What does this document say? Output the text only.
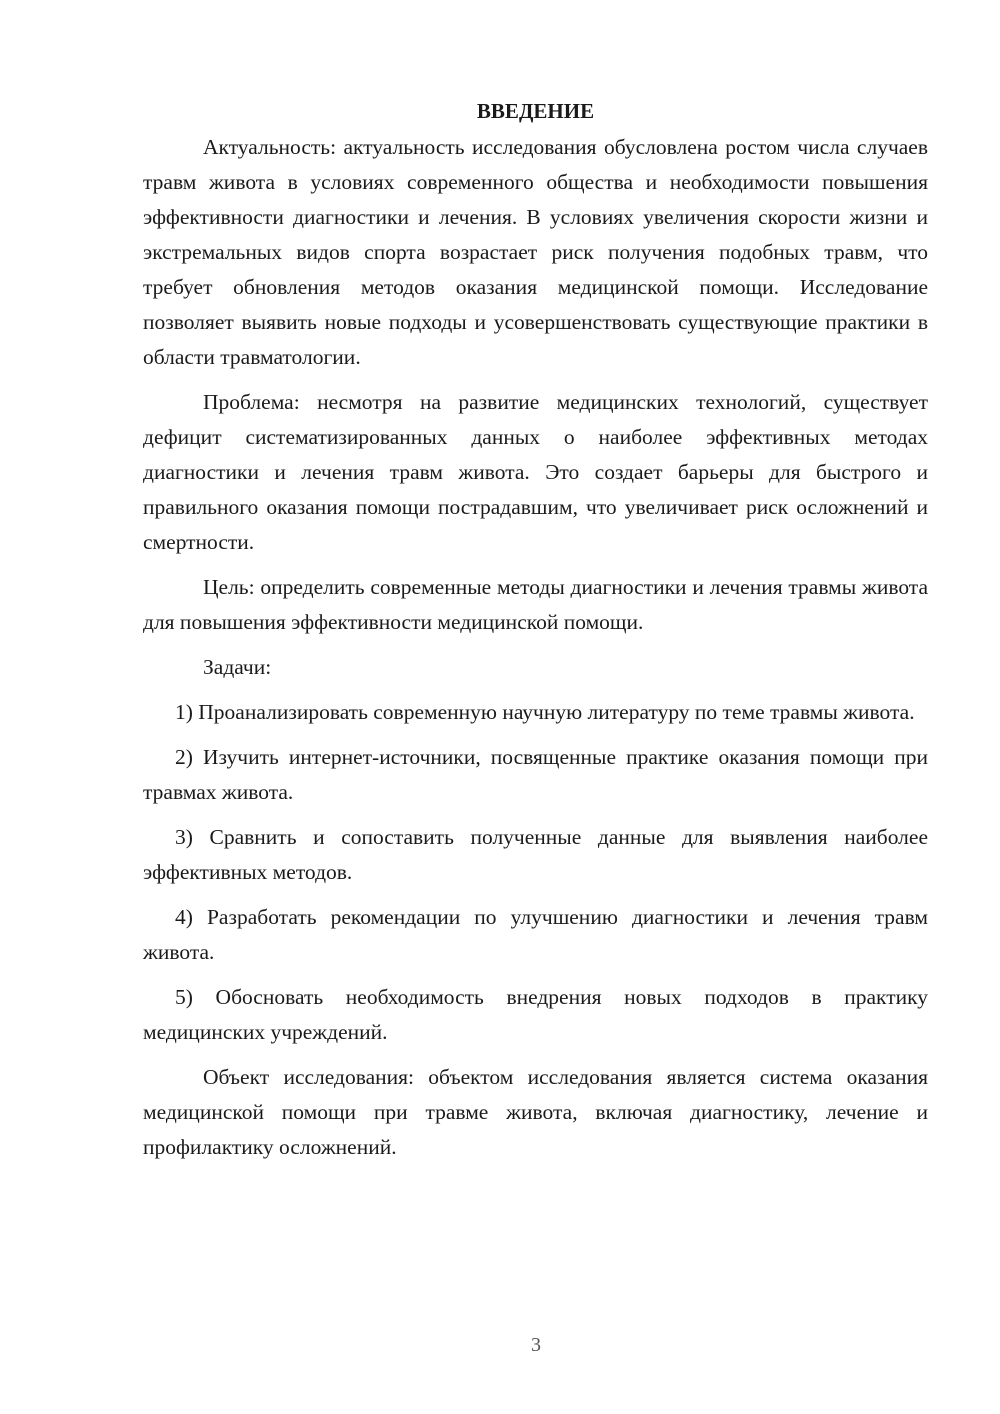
ВВЕДЕНИЕ

Актуальность: актуальность исследования обусловлена ростом числа случаев травм живота в условиях современного общества и необходимости повышения эффективности диагностики и лечения. В условиях увеличения скорости жизни и экстремальных видов спорта возрастает риск получения подобных травм, что требует обновления методов оказания медицинской помощи. Исследование позволяет выявить новые подходы и усовершенствовать существующие практики в области травматологии.

Проблема: несмотря на развитие медицинских технологий, существует дефицит систематизированных данных о наиболее эффективных методах диагностики и лечения травм живота. Это создает барьеры для быстрого и правильного оказания помощи пострадавшим, что увеличивает риск осложнений и смертности.

Цель: определить современные методы диагностики и лечения травмы живота для повышения эффективности медицинской помощи.

Задачи:

1) Проанализировать современную научную литературу по теме травмы живота.

2) Изучить интернет-источники, посвященные практике оказания помощи при травмах живота.

3) Сравнить и сопоставить полученные данные для выявления наиболее эффективных методов.

4) Разработать рекомендации по улучшению диагностики и лечения травм живота.

5) Обосновать необходимость внедрения новых подходов в практику медицинских учреждений.

Объект исследования: объектом исследования является система оказания медицинской помощи при травме живота, включая диагностику, лечение и профилактику осложнений.

3
